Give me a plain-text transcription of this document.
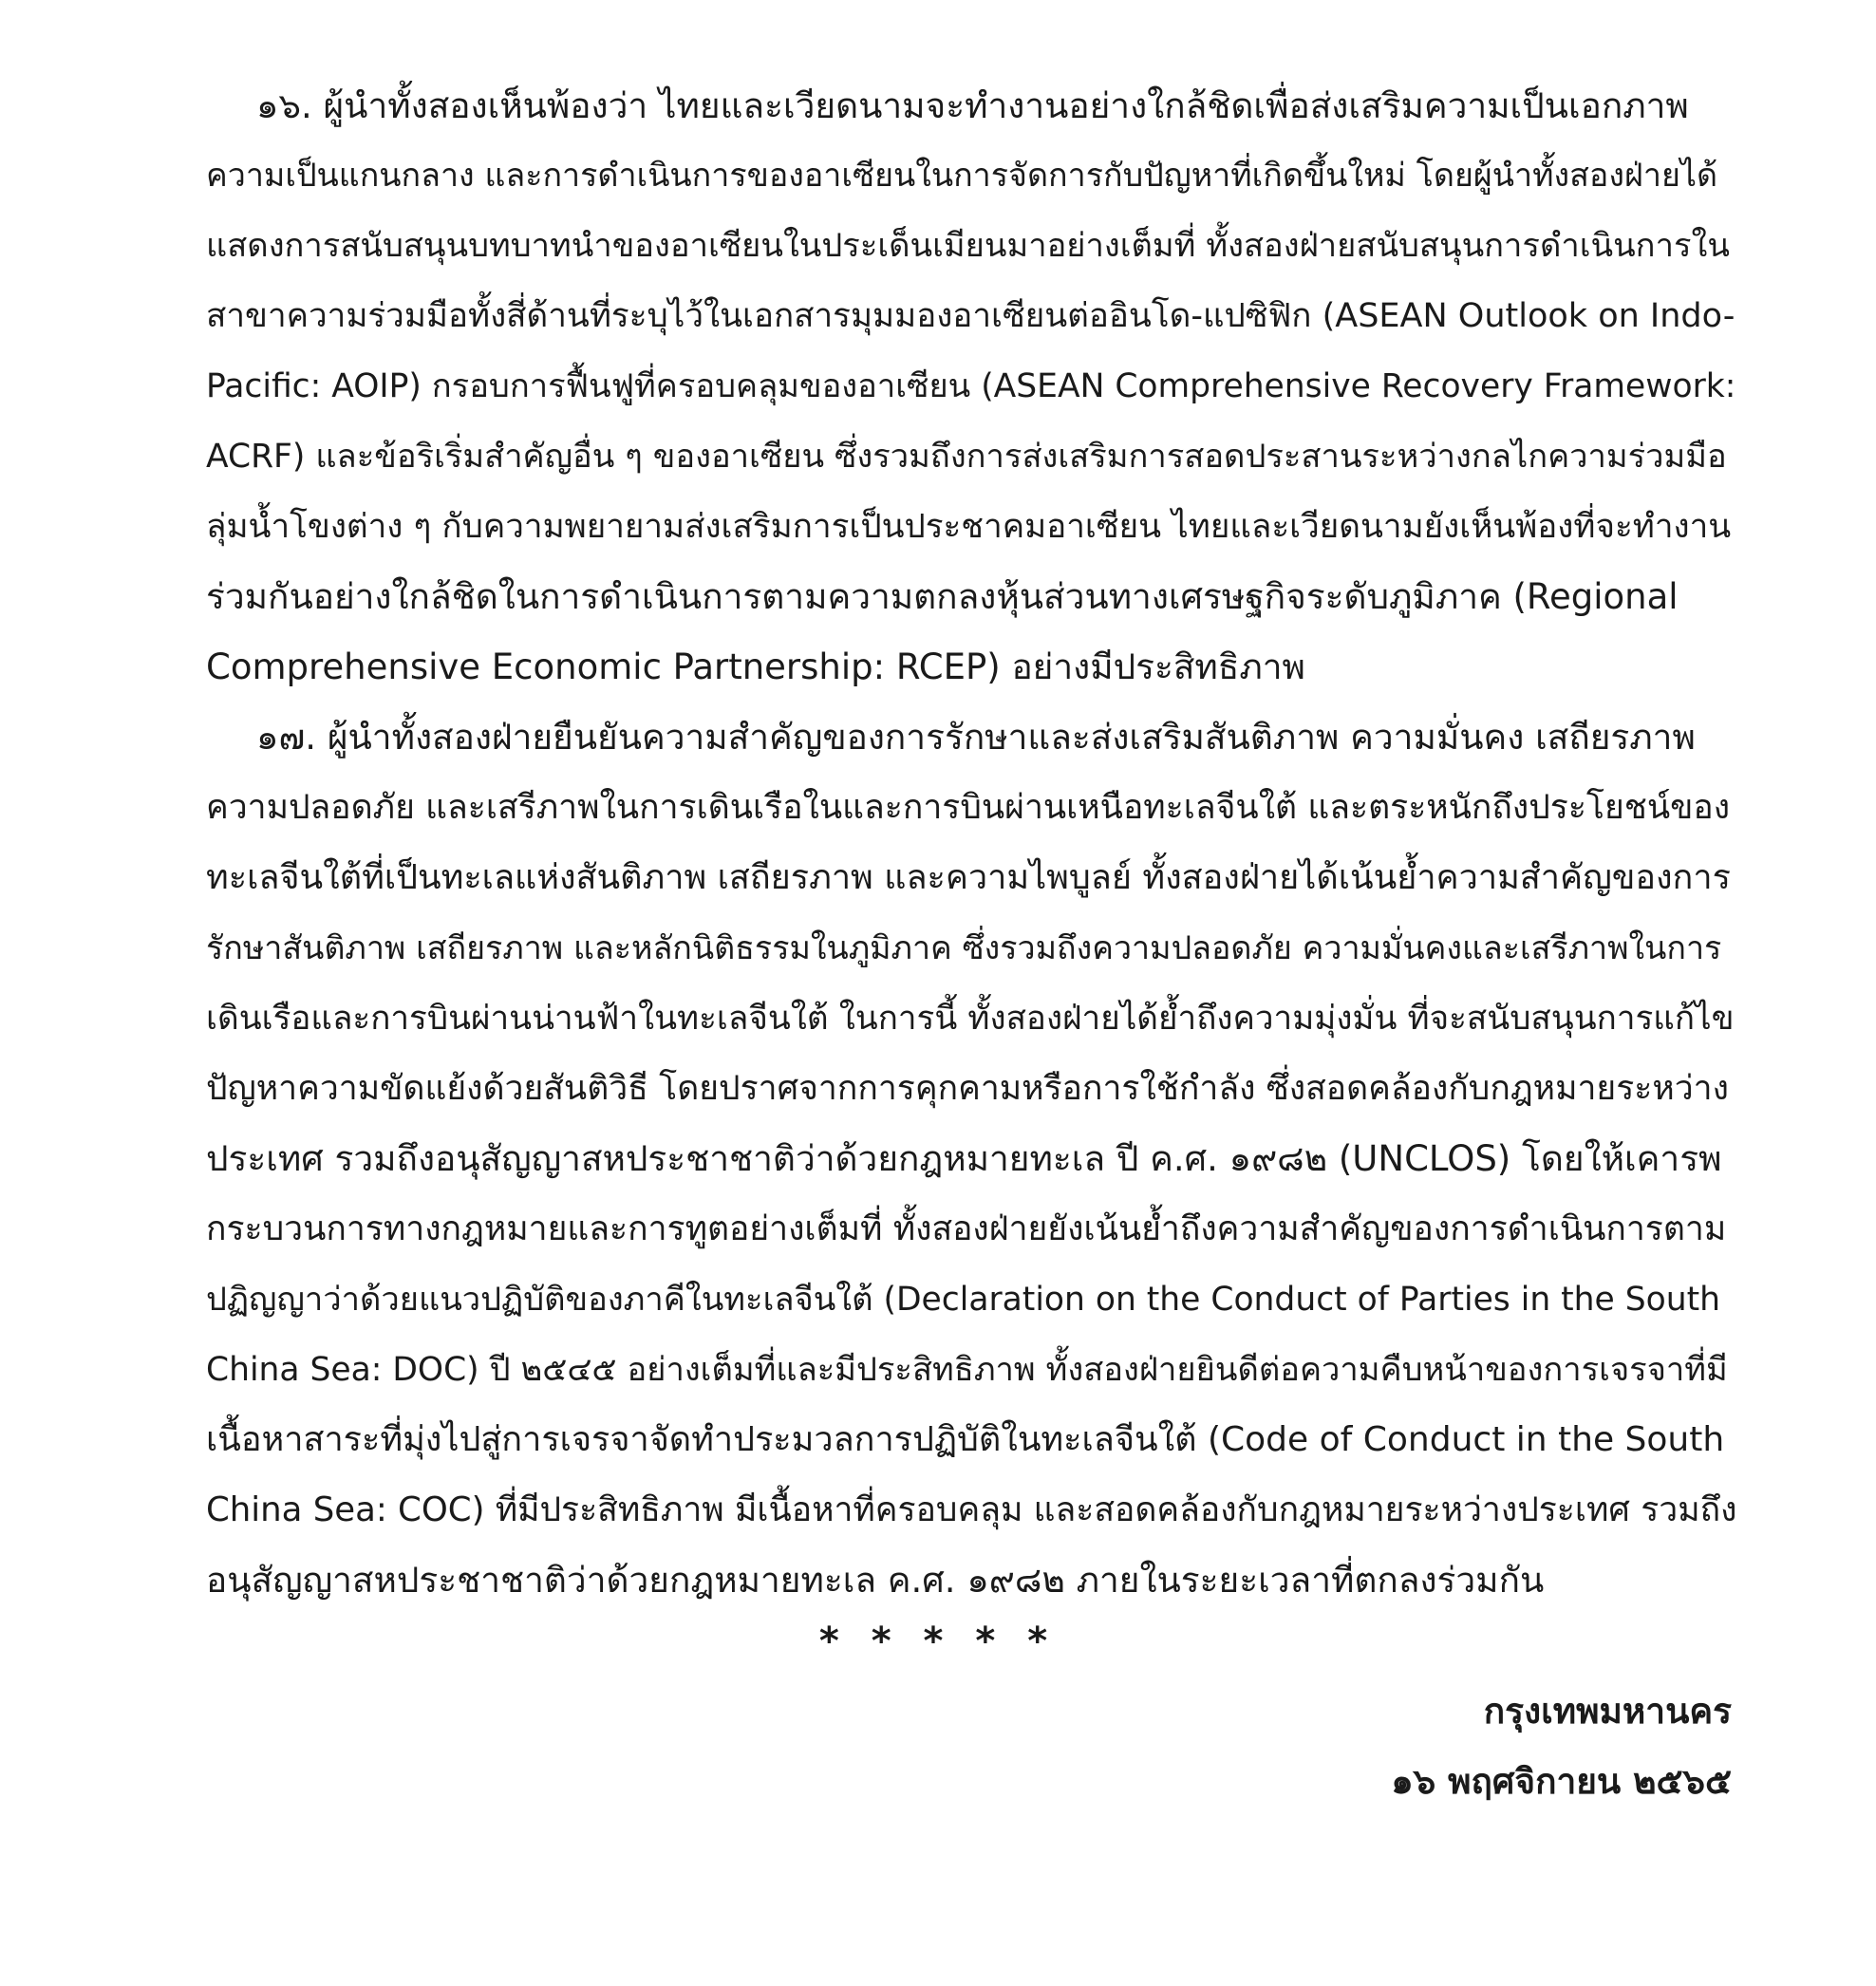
๑๖. ผู้นำทั้งสองเห็นพ้องว่า ไทยและเวียดนามจะทำงานอย่างใกล้ชิดเพื่อส่งเสริมความเป็นเอกภาพ
ความเป็นแกนกลาง และการดำเนินการของอาเซียนในการจัดการกับปัญหาที่เกิดขึ้นใหม่ โดยผู้นำทั้งสองฝ่ายได้
แสดงการสนับสนุนบทบาทนำของอาเซียนในประเด็นเมียนมาอย่างเต็มที่ ทั้งสองฝ่ายสนับสนุนการดำเนินการใน
สาขาความร่วมมือทั้งสี่ด้านที่ระบุไว้ในเอกสารมุมมองอาเซียนต่ออินโด-แปซิฟิก (ASEAN Outlook on Indo-
Pacific: AOIP) กรอบการฟื้นฟูที่ครอบคลุมของอาเซียน (ASEAN Comprehensive Recovery Framework:
ACRF) และข้อริเริ่มสำคัญอื่น ๆ ของอาเซียน ซึ่งรวมถึงการส่งเสริมการสอดประสานระหว่างกลไกความร่วมมือ
ลุ่มน้ำโขงต่าง ๆ กับความพยายามส่งเสริมการเป็นประชาคมอาเซียน ไทยและเวียดนามยังเห็นพ้องที่จะทำงาน
ร่วมกันอย่างใกล้ชิดในการดำเนินการตามความตกลงหุ้นส่วนทางเศรษฐกิจระดับภูมิภาค (Regional
Comprehensive Economic Partnership: RCEP) อย่างมีประสิทธิภาพ
๑๗. ผู้นำทั้งสองฝ่ายยืนยันความสำคัญของการรักษาและส่งเสริมสันติภาพ ความมั่นคง เสถียรภาพ
ความปลอดภัย และเสรีภาพในการเดินเรือในและการบินผ่านเหนือทะเลจีนใต้ และตระหนักถึงประโยชน์ของ
ทะเลจีนใต้ที่เป็นทะเลแห่งสันติภาพ เสถียรภาพ และความไพบูลย์ ทั้งสองฝ่ายได้เน้นย้ำความสำคัญของการ
รักษาสันติภาพ เสถียรภาพ และหลักนิติธรรมในภูมิภาค ซึ่งรวมถึงความปลอดภัย ความมั่นคงและเสรีภาพในการ
เดินเรือและการบินผ่านน่านฟ้าในทะเลจีนใต้ ในการนี้ ทั้งสองฝ่ายได้ย้ำถึงความมุ่งมั่น ที่จะสนับสนุนการแก้ไข
ปัญหาความขัดแย้งด้วยสันติวิธี โดยปราศจากการคุกคามหรือการใช้กำลัง ซึ่งสอดคล้องกับกฎหมายระหว่าง
ประเทศ รวมถึงอนุสัญญาสหประชาชาติว่าด้วยกฎหมายทะเล ปี ค.ศ. ๑๙๘๒ (UNCLOS) โดยให้เคารพ
กระบวนการทางกฎหมายและการทูตอย่างเต็มที่ ทั้งสองฝ่ายยังเน้นย้ำถึงความสำคัญของการดำเนินการตาม
ปฏิญญาว่าด้วยแนวปฏิบัติของภาคีในทะเลจีนใต้ (Declaration on the Conduct of Parties in the South
China Sea: DOC) ปี ๒๕๔๕ อย่างเต็มที่และมีประสิทธิภาพ ทั้งสองฝ่ายยินดีต่อความคืบหน้าของการเจรจาที่มี
เนื้อหาสาระที่มุ่งไปสู่การเจรจาจัดทำประมวลการปฏิบัติในทะเลจีนใต้ (Code of Conduct in the South
China Sea: COC) ที่มีประสิทธิภาพ มีเนื้อหาที่ครอบคลุม และสอดคล้องกับกฎหมายระหว่างประเทศ รวมถึง
อนุสัญญาสหประชาชาติว่าด้วยกฎหมายทะเล ค.ศ. ๑๙๘๒ ภายในระยะเวลาที่ตกลงร่วมกัน
* * * * *
กรุงเทพมหานคร
๑๖ พฤศจิกายน ๒๕๖๕
